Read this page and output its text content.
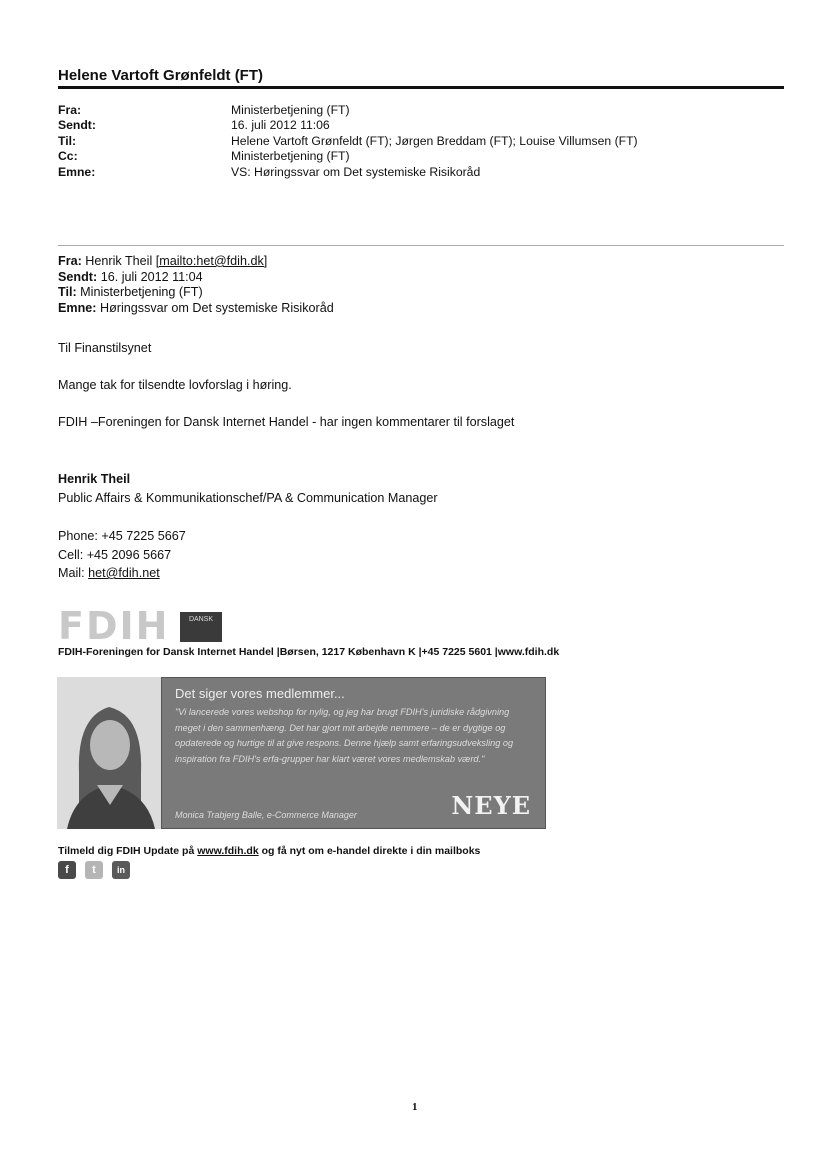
Helene Vartoft Grønfeldt (FT)
Fra:	Ministerbetjening (FT)
Sendt:	16. juli 2012 11:06
Til:	Helene Vartoft Grønfeldt (FT); Jørgen Breddam (FT); Louise Villumsen (FT)
Cc:	Ministerbetjening (FT)
Emne:	VS: Høringssvar om Det systemiske Risikoråd
Fra: Henrik Theil [mailto:het@fdih.dk]
Sendt: 16. juli 2012 11:04
Til: Ministerbetjening (FT)
Emne: Høringssvar om Det systemiske Risikoråd
Til Finanstilsynet
Mange tak for tilsendte lovforslag i høring.
FDIH –Foreningen for Dansk Internet Handel - har ingen kommentarer til forslaget
Henrik Theil
Public Affairs & Kommunikationschef/PA & Communication Manager
Phone: +45 7225 5667
Cell: +45 2096 5667
Mail: het@fdih.net
FDIH	DANSK
FDIH-Foreningen for Dansk Internet Handel |Børsen, 1217 København K |+45 7225 5601 |www.fdih.dk
Det siger vores medlemmer...
"Vi lancerede vores webshop for nylig, og jeg har brugt FDIH's juridiske rådgivning meget i den sammenhæng. Det har gjort mit arbejde nemmere – de er dygtige og opdaterede og hurtige til at give respons. Denne hjælp samt erfaringsudveksling og inspiration fra FDIH's erfa-grupper har klart været vores medlemskab værd."
Monica Trabjerg Balle, e-Commerce Manager	NEYE
Tilmeld dig FDIH Update på www.fdih.dk og få nyt om e-handel direkte i din mailboks
f	t	in
1
